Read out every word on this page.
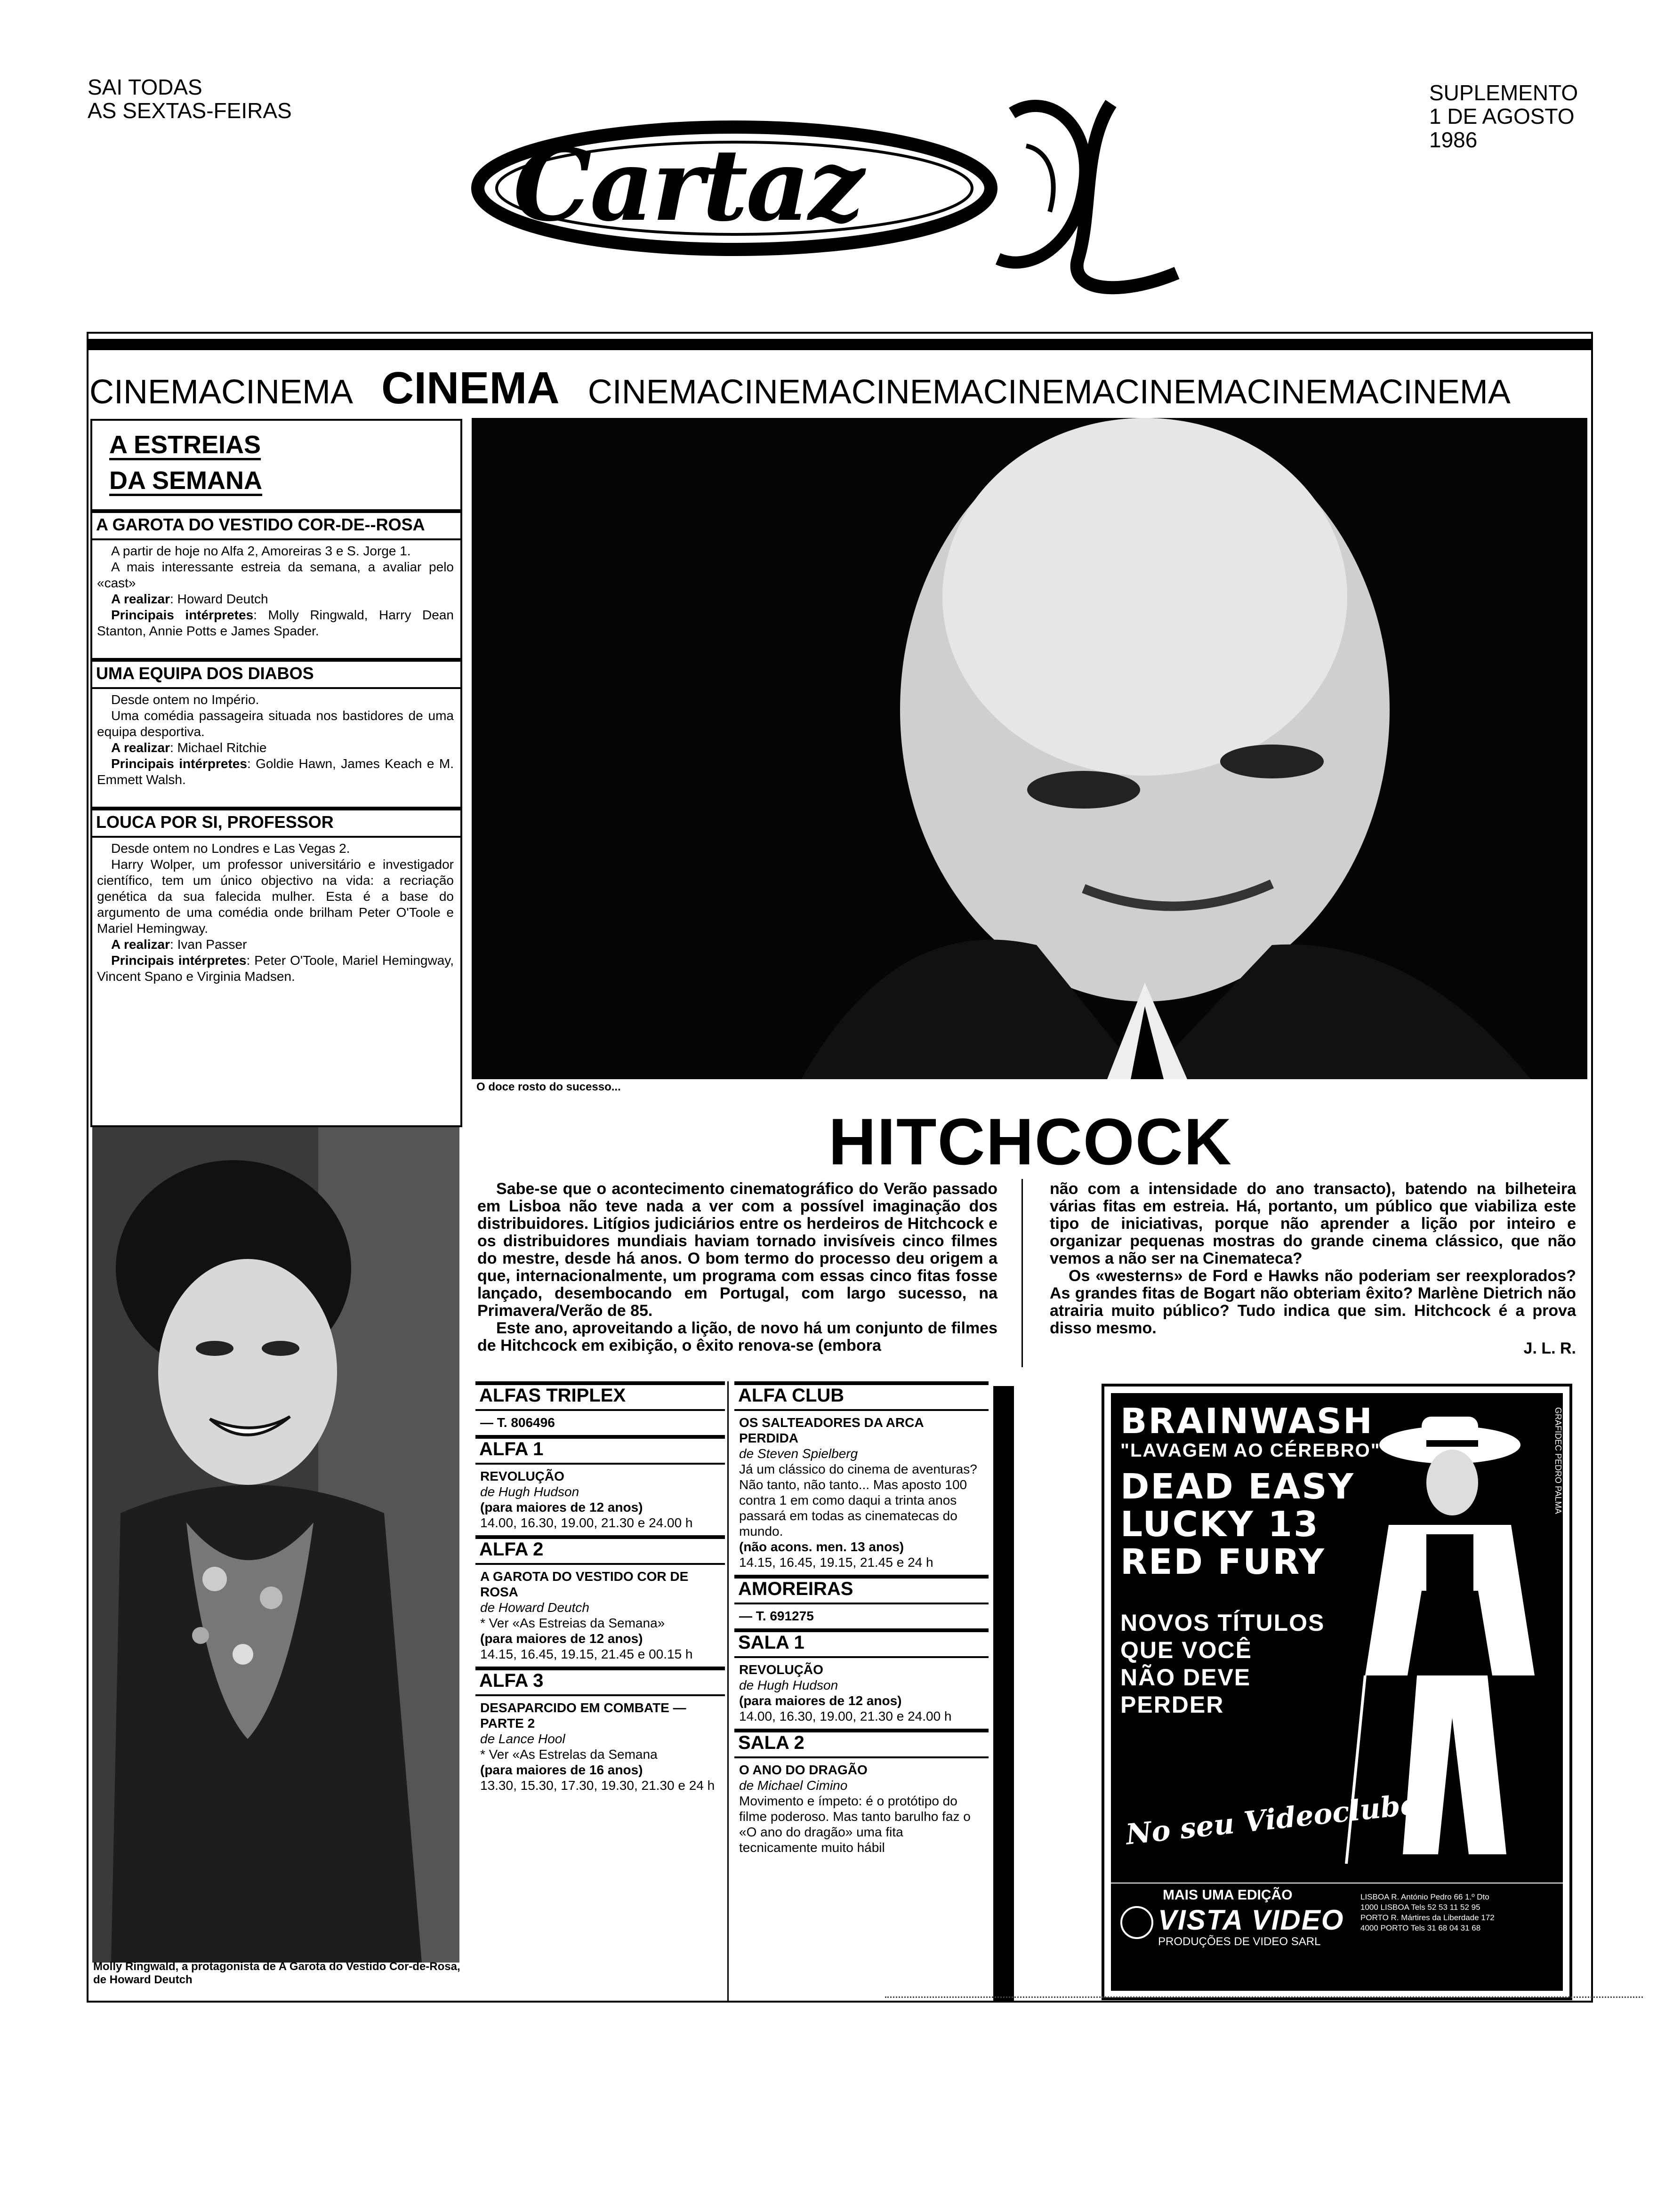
SAI TODAS
AS SEXTAS-FEIRAS
Cartaz
SUPLEMENTO
1 DE AGOSTO
1986
CINEMACINEMA CINEMA CINEMACINEMACINEMACINEMACINEMACINEMACINEMA
A ESTREIAS
DA SEMANA
A GAROTA DO VESTIDO COR-DE--ROSA

A partir de hoje no Alfa 2, Amoreiras 3 e S. Jorge 1.

A mais interessante estreia da semana, a avaliar pelo «cast»

A realizar: Howard Deutch

Principais intérpretes: Molly Ringwald, Harry Dean Stanton, Annie Potts e James Spader.

UMA EQUIPA DOS DIABOS

Desde ontem no Império.

Uma comédia passageira situada nos bastidores de uma equipa desportiva.

A realizar: Michael Ritchie

Principais intérpretes: Goldie Hawn, James Keach e M. Emmett Walsh.

LOUCA POR SI, PROFESSOR

Desde ontem no Londres e Las Vegas 2.

Harry Wolper, um professor universitário e investigador científico, tem um único objectivo na vida: a recriação genética da sua falecida mulher. Esta é a base do argumento de uma comédia onde brilham Peter O'Toole e Mariel Hemingway.

A realizar: Ivan Passer

Principais intérpretes: Peter O'Toole, Mariel Hemingway, Vincent Spano e Virginia Madsen.

Molly Ringwald, a protagonista de A Garota do Vestido Cor-de-Rosa, de Howard Deutch
O doce rosto do sucesso...
HITCHCOCK

Sabe-se que o acontecimento cinematográfico do Verão passado em Lisboa não teve nada a ver com a possível imaginação dos distribuidores. Litígios judiciários entre os herdeiros de Hitchcock e os distribuidores mundiais haviam tornado invisíveis cinco filmes do mestre, desde há anos. O bom termo do processo deu origem a que, internacionalmente, um programa com essas cinco fitas fosse lançado, desembocando em Portugal, com largo sucesso, na Primavera/Verão de 85.

Este ano, aproveitando a lição, de novo há um conjunto de filmes de Hitchcock em exibição, o êxito renova-se (embora

não com a intensidade do ano transacto), batendo na bilheteira várias fitas em estreia. Há, portanto, um público que viabiliza este tipo de iniciativas, porque não aprender a lição por inteiro e organizar pequenas mostras do grande cinema clássico, que não vemos a não ser na Cinemateca?

Os «westerns» de Ford e Hawks não poderiam ser reexplorados? As grandes fitas de Bogart não obteriam êxito? Marlène Dietrich não atrairia muito público? Tudo indica que sim. Hitchcock é a prova disso mesmo.

J. L. R.
ALFAS TRIPLEX
— T. 806496
ALFA 1
REVOLUÇÃO
de Hugh Hudson
(para maiores de 12 anos)
14.00, 16.30, 19.00, 21.30 e 24.00 h
ALFA 2
A GAROTA DO VESTIDO COR DE ROSA
de Howard Deutch
* Ver «As Estreias da Semana»
(para maiores de 12 anos)
14.15, 16.45, 19.15, 21.45 e 00.15 h
ALFA 3
DESAPARCIDO EM COMBATE — PARTE 2
de Lance Hool
* Ver «As Estrelas da Semana
(para maiores de 16 anos)
13.30, 15.30, 17.30, 19.30, 21.30 e 24 h
ALFA CLUB
OS SALTEADORES DA ARCA PERDIDA
de Steven Spielberg
Já um clássico do cinema de aventuras? Não tanto, não tanto... Mas aposto 100 contra 1 em como daqui a trinta anos passará em todas as cinematecas do mundo.
(não acons. men. 13 anos)
14.15, 16.45, 19.15, 21.45 e 24 h
AMOREIRAS
— T. 691275
SALA 1
REVOLUÇÃO
de Hugh Hudson
(para maiores de 12 anos)
14.00, 16.30, 19.00, 21.30 e 24.00 h
SALA 2
O ANO DO DRAGÃO
de Michael Cimino
Movimento e ímpeto: é o protótipo do filme poderoso. Mas tanto barulho faz o «O ano do dragão» uma fita tecnicamente muito hábil
BRAINWASH
"LAVAGEM AO CÉREBRO"
DEAD EASY
LUCKY 13
RED FURY
NOVOS TÍTULOS
QUE VOCÊ
NÃO DEVE
PERDER
GRAFIDEC PEDRO PALMA
No seu Videoclube!
MAIS UMA EDIÇÃO
VISTA VIDEO
PRODUÇÕES DE VIDEO SARL
LISBOA R. António Pedro 66 1.º Dto
1000 LISBOA Tels 52 53 11 52 95
PORTO R. Mártires da Liberdade 172
4000 PORTO Tels 31 68 04 31 68
